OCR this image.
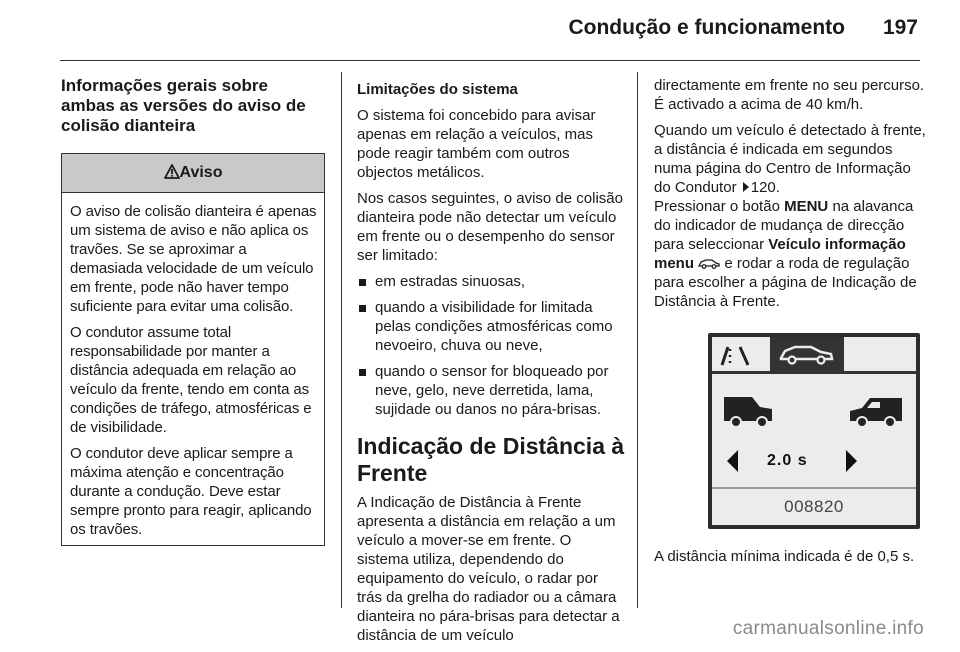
Condução e funcionamento 197
Informações gerais sobre ambas as versões do aviso de colisão dianteira
Aviso

O aviso de colisão dianteira é apenas um sistema de aviso e não aplica os travões. Se se aproximar a demasiada velocidade de um veículo em frente, pode não haver tempo suficiente para evitar uma colisão.

O condutor assume total responsabilidade por manter a distância adequada em relação ao veículo da frente, tendo em conta as condições de tráfego, atmosféricas e de visibilidade.

O condutor deve aplicar sempre a máxima atenção e concentração durante a condução. Deve estar sempre pronto para reagir, aplicando os travões.

Limitações do sistema

O sistema foi concebido para avisar apenas em relação a veículos, mas pode reagir também com outros objectos metálicos.

Nos casos seguintes, o aviso de colisão dianteira pode não detectar um veículo em frente ou o desempenho do sensor ser limitado:

em estradas sinuosas,
quando a visibilidade for limitada pelas condições atmosféricas como nevoeiro, chuva ou neve,
quando o sensor for bloqueado por neve, gelo, neve derretida, lama, sujidade ou danos no pára-brisas.
Indicação de Distância à Frente

A Indicação de Distância à Frente apresenta a distância em relação a um veículo a mover-se em frente. O sistema utiliza, dependendo do equipamento do veículo, o radar por trás da grelha do radiador ou a câmara dianteira no pára-brisas para detectar a distância de um veículo

directamente em frente no seu percurso. É activado a acima de 40 km/h.

Quando um veículo é detectado à frente, a distância é indicada em segundos numa página do Centro de Informação do Condutor 120.
Pressionar o botão MENU na alavanca do indicador de mudança de direcção para seleccionar Veículo informação menu e rodar a roda de regulação para escolher a página de Indicação de Distância à Frente.

2.0 s
008820

A distância mínima indicada é de 0,5 s.

carmanualsonline.info
